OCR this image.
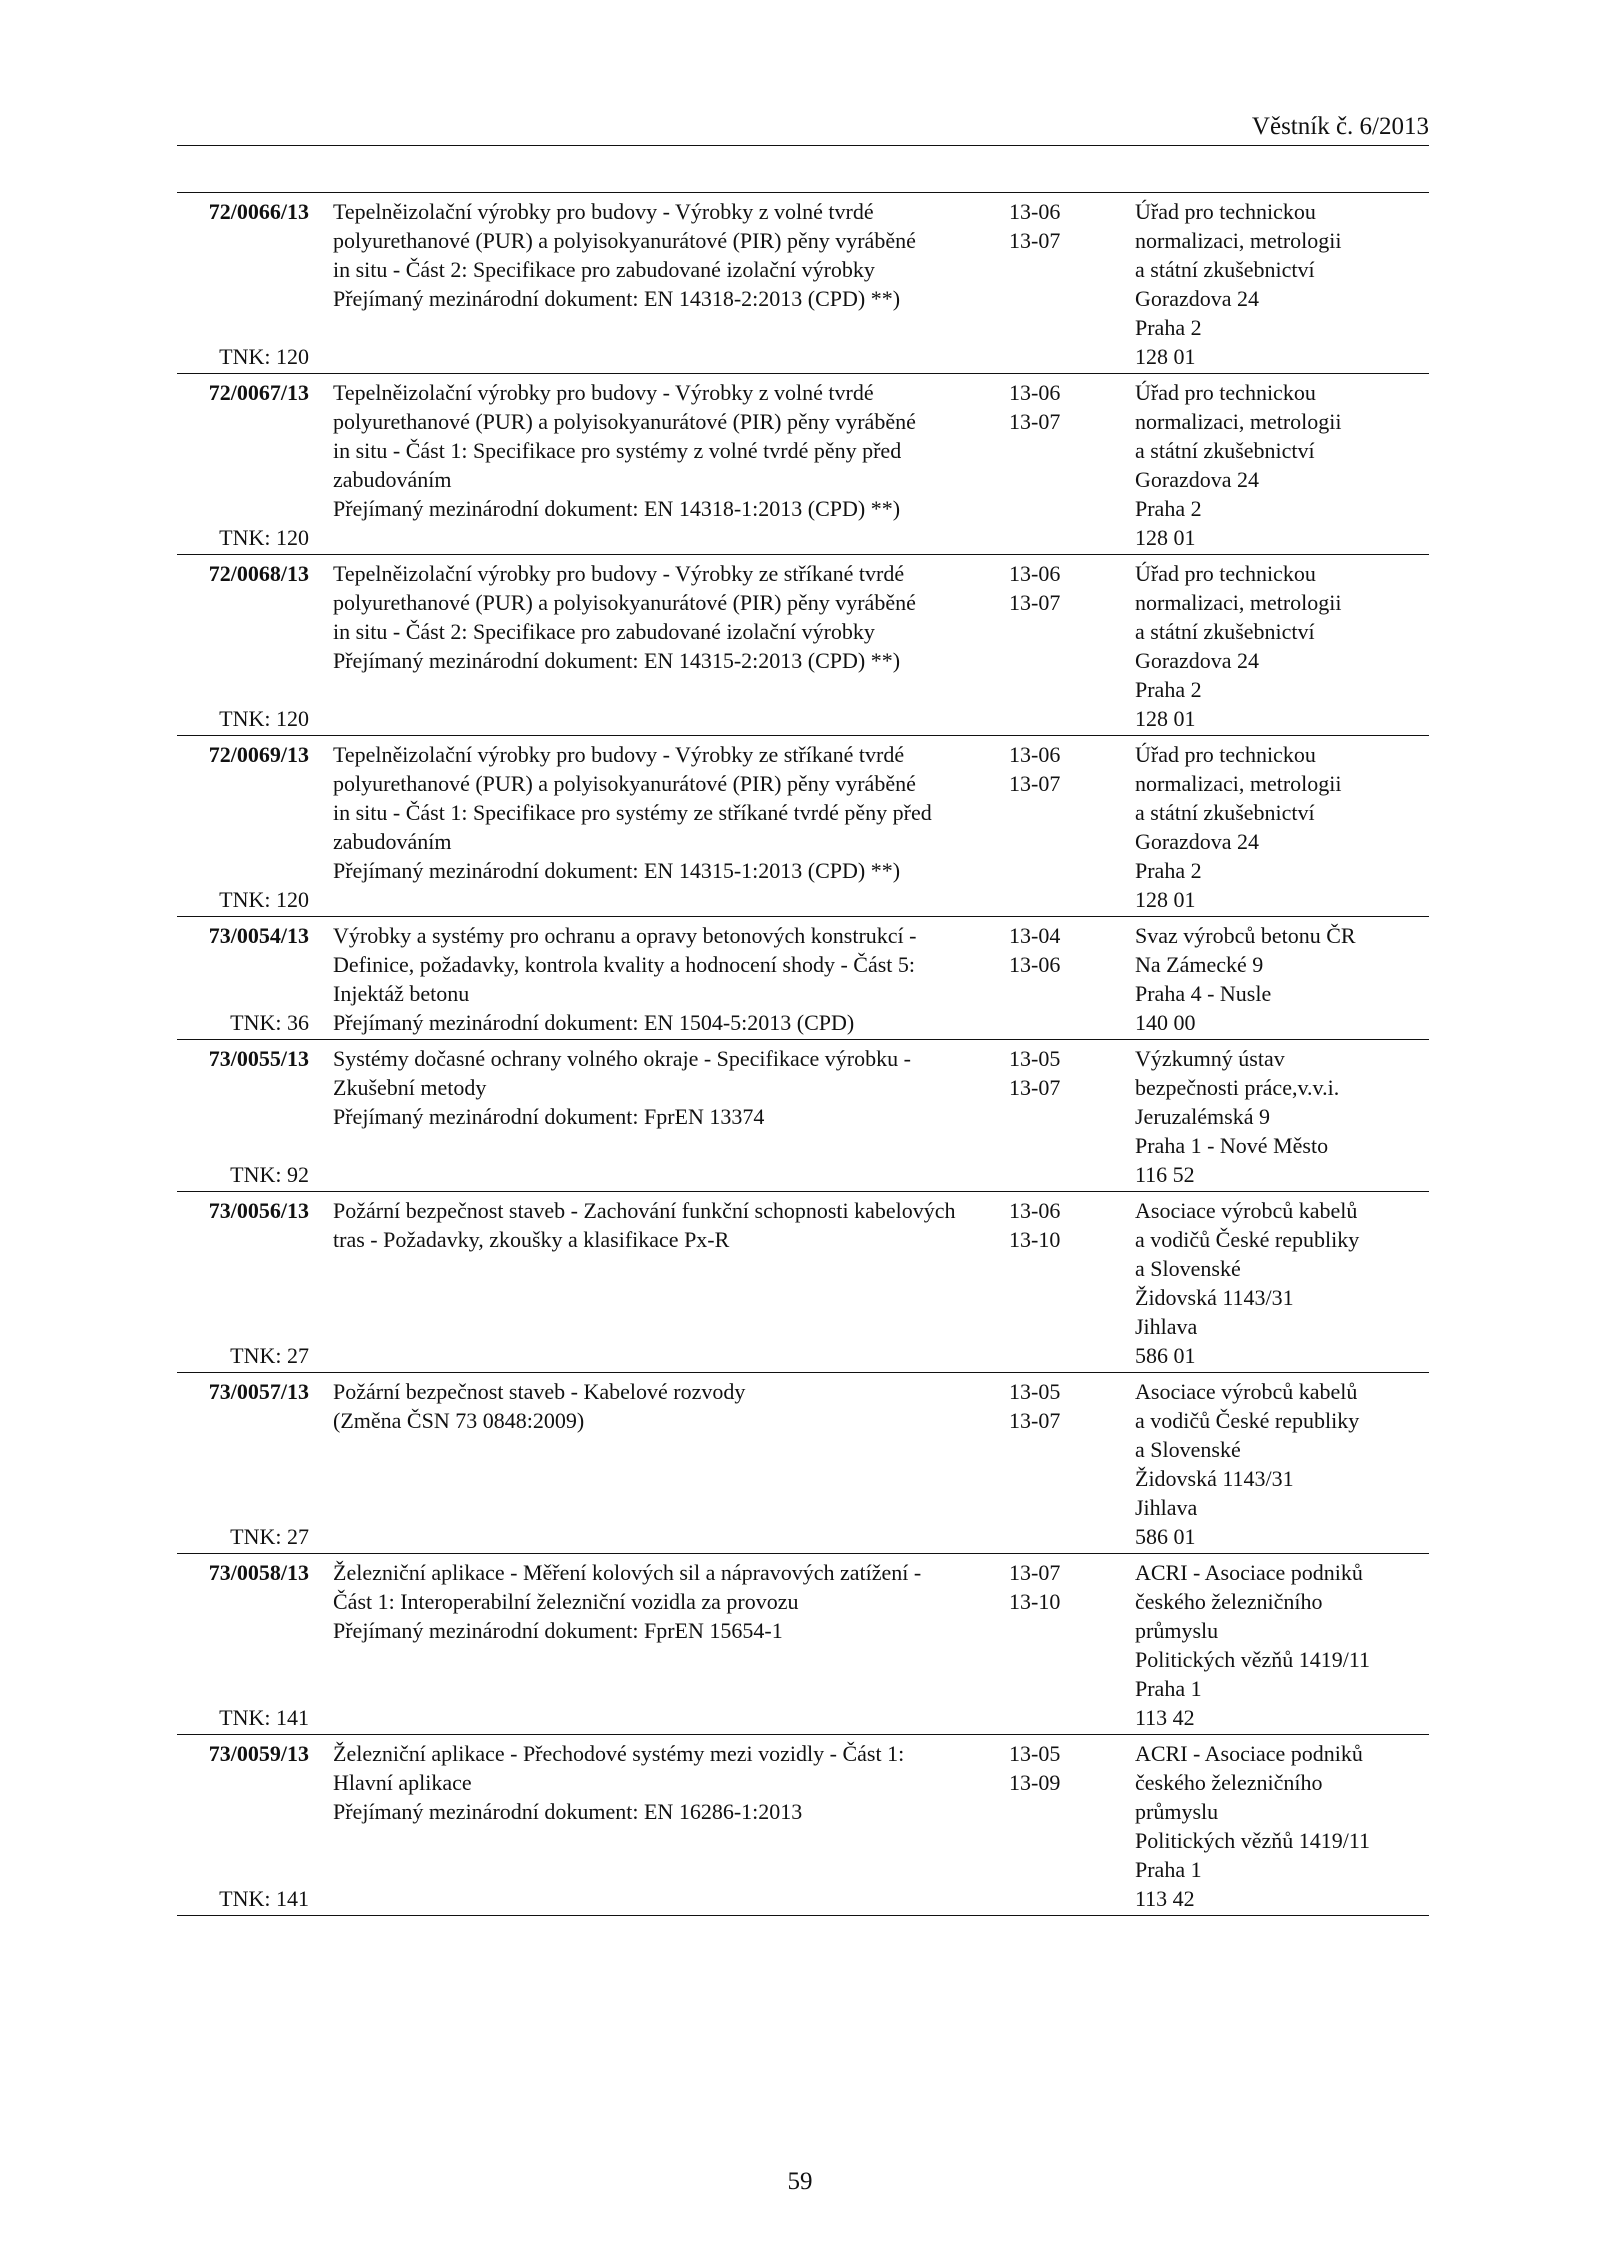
Věstník č. 6/2013
72/0066/13
TNK: 120
Tepelněizolační výrobky pro budovy - Výrobky z volné tvrdé
polyurethanové (PUR) a polyisokyanurátové (PIR) pěny vyráběné
in situ - Část 2: Specifikace pro zabudované izolační výrobky
Přejímaný mezinárodní dokument: EN 14318-2:2013 (CPD) **)
13-06
13-07
Úřad pro technickou
normalizaci, metrologii
a státní zkušebnictví
Gorazdova 24
Praha 2
128 01
72/0067/13
TNK: 120
Tepelněizolační výrobky pro budovy - Výrobky z volné tvrdé
polyurethanové (PUR) a polyisokyanurátové (PIR) pěny vyráběné
in situ - Část 1: Specifikace pro systémy z volné tvrdé pěny před
zabudováním
Přejímaný mezinárodní dokument: EN 14318-1:2013 (CPD) **)
13-06
13-07
Úřad pro technickou
normalizaci, metrologii
a státní zkušebnictví
Gorazdova 24
Praha 2
128 01
72/0068/13
TNK: 120
Tepelněizolační výrobky pro budovy - Výrobky ze stříkané tvrdé
polyurethanové (PUR) a polyisokyanurátové (PIR) pěny vyráběné
in situ - Část 2: Specifikace pro zabudované izolační výrobky
Přejímaný mezinárodní dokument: EN 14315-2:2013 (CPD) **)
13-06
13-07
Úřad pro technickou
normalizaci, metrologii
a státní zkušebnictví
Gorazdova 24
Praha 2
128 01
72/0069/13
TNK: 120
Tepelněizolační výrobky pro budovy - Výrobky ze stříkané tvrdé
polyurethanové (PUR) a polyisokyanurátové (PIR) pěny vyráběné
in situ - Část 1: Specifikace pro systémy ze stříkané tvrdé pěny před
zabudováním
Přejímaný mezinárodní dokument: EN 14315-1:2013 (CPD) **)
13-06
13-07
Úřad pro technickou
normalizaci, metrologii
a státní zkušebnictví
Gorazdova 24
Praha 2
128 01
73/0054/13
TNK: 36
Výrobky a systémy pro ochranu a opravy betonových konstrukcí -
Definice, požadavky, kontrola kvality a hodnocení shody - Část 5:
Injektáž betonu
Přejímaný mezinárodní dokument: EN 1504-5:2013 (CPD)
13-04
13-06
Svaz výrobců betonu ČR
Na Zámecké 9
Praha 4 - Nusle
140 00
73/0055/13
TNK: 92
Systémy dočasné ochrany volného okraje - Specifikace výrobku -
Zkušební metody
Přejímaný mezinárodní dokument: FprEN 13374
13-05
13-07
Výzkumný ústav
bezpečnosti práce,v.v.i.
Jeruzalémská 9
Praha 1 - Nové Město
116 52
73/0056/13
TNK: 27
Požární bezpečnost staveb - Zachování funkční schopnosti kabelových
tras - Požadavky, zkoušky a klasifikace Px-R
13-06
13-10
Asociace výrobců kabelů
a vodičů České republiky
a Slovenské
Židovská 1143/31
Jihlava
586 01
73/0057/13
TNK: 27
Požární bezpečnost staveb - Kabelové rozvody
(Změna ČSN 73 0848:2009)
13-05
13-07
Asociace výrobců kabelů
a vodičů České republiky
a Slovenské
Židovská 1143/31
Jihlava
586 01
73/0058/13
TNK: 141
Železniční aplikace - Měření kolových sil a nápravových zatížení -
Část 1: Interoperabilní železniční vozidla za provozu
Přejímaný mezinárodní dokument: FprEN 15654-1
13-07
13-10
ACRI - Asociace podniků
českého železničního
průmyslu
Politických vězňů 1419/11
Praha 1
113 42
73/0059/13
TNK: 141
Železniční aplikace - Přechodové systémy mezi vozidly - Část 1:
Hlavní aplikace
Přejímaný mezinárodní dokument: EN 16286-1:2013
13-05
13-09
ACRI - Asociace podniků
českého železničního
průmyslu
Politických vězňů 1419/11
Praha 1
113 42
59
